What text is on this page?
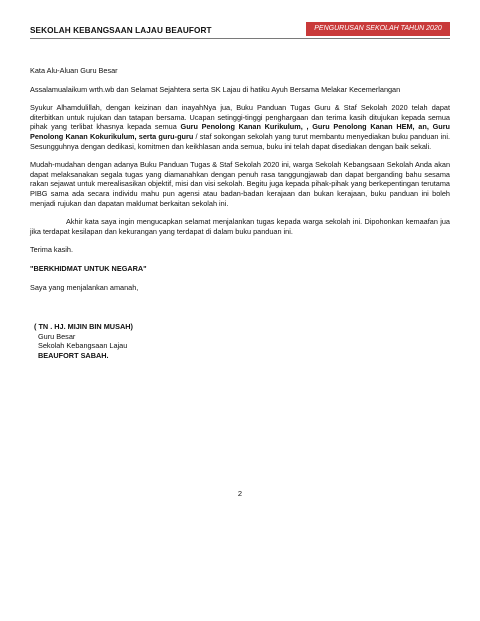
SEKOLAH KEBANGSAAN LAJAU BEAUFORT	PENGURUSAN SEKOLAH TAHUN 2020

Kata Alu-Aluan Guru Besar

Assalamualaikum wrth.wb dan Selamat Sejahtera serta SK Lajau di hatiku Ayuh Bersama Melakar Kecemerlangan

Syukur Alhamdulillah, dengan keizinan dan inayahNya jua, Buku Panduan Tugas Guru & Staf Sekolah 2020 telah dapat diterbitkan untuk rujukan dan tatapan bersama. Ucapan setinggi-tinggi penghargaan dan terima kasih ditujukan kepada semua pihak yang terlibat khasnya kepada semua Guru Penolong Kanan Kurikulum, , Guru Penolong Kanan HEM, an, Guru Penolong Kanan Kokurikulum, serta guru-guru / staf sokongan sekolah yang turut membantu menyediakan buku panduan ini. Sesungguhnya dengan dedikasi, komitmen dan keikhlasan anda semua, buku ini telah dapat disediakan dengan baik sekali.

Mudah-mudahan dengan adanya Buku Panduan Tugas & Staf Sekolah 2020 ini, warga Sekolah Kebangsaan Sekolah Anda akan dapat melaksanakan segala tugas yang diamanahkan dengan penuh rasa tanggungjawab dan dapat berganding bahu sesama rakan sejawat untuk merealisasikan objektif, misi dan visi sekolah. Begitu juga kepada pihak-pihak yang berkepentingan terutama PIBG sama ada secara individu mahu pun agensi atau badan-badan kerajaan dan bukan kerajaan, buku panduan ini boleh menjadi rujukan dan dapatan maklumat berkaitan sekolah ini.

Akhir kata saya ingin mengucapkan selamat menjalankan tugas kepada warga sekolah ini. Dipohonkan kemaafan jua jika terdapat kesilapan dan kekurangan yang terdapat di dalam buku panduan ini.

Terima kasih.

"BERKHIDMAT UNTUK NEGARA"

Saya yang menjalankan amanah,

( TN . HJ. MIJIN BIN MUSAH)
Guru Besar
Sekolah Kebangsaan Lajau
BEAUFORT SABAH.
2
